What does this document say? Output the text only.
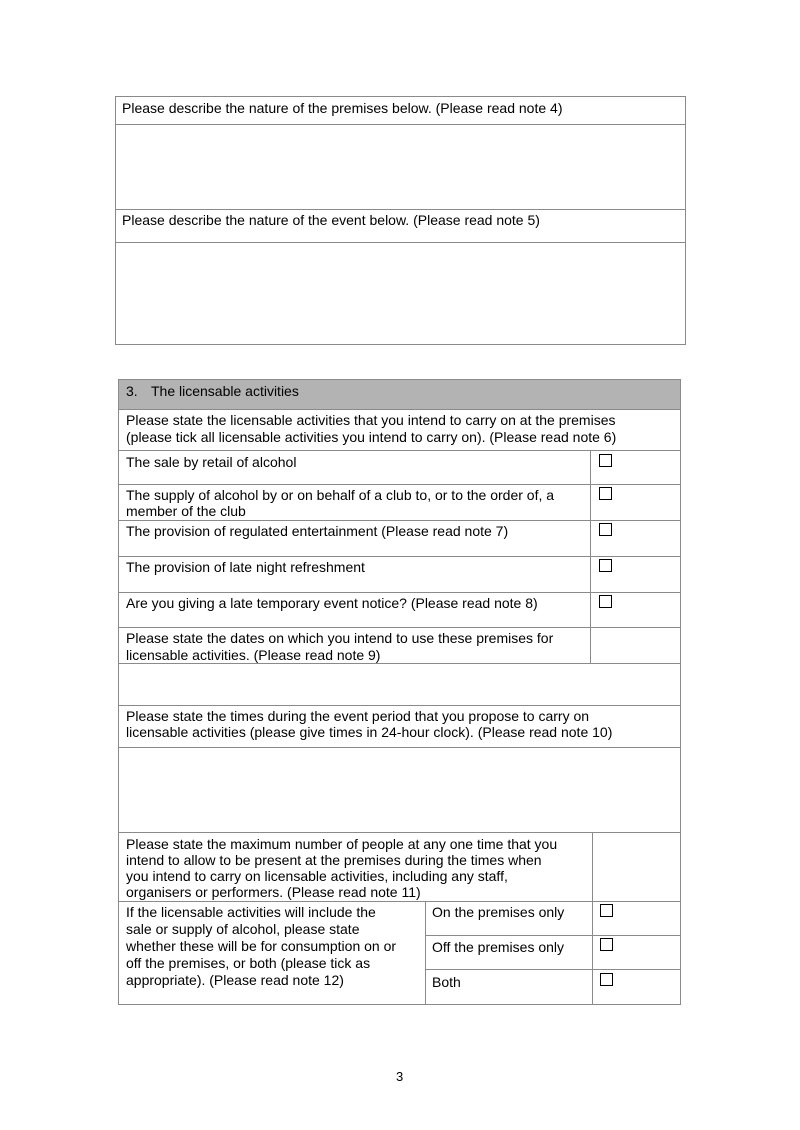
Please describe the nature of the premises below. (Please read note 4)
Please describe the nature of the event below. (Please read note 5)
3. The licensable activities
Please state the licensable activities that you intend to carry on at the premises
(please tick all licensable activities you intend to carry on). (Please read note 6)
The sale by retail of alcohol
The supply of alcohol by or on behalf of a club to, or to the order of, a
member of the club
The provision of regulated entertainment (Please read note 7)
The provision of late night refreshment
Are you giving a late temporary event notice? (Please read note 8)
Please state the dates on which you intend to use these premises for
licensable activities. (Please read note 9)
Please state the times during the event period that you propose to carry on
licensable activities (please give times in 24-hour clock). (Please read note 10)
Please state the maximum number of people at any one time that you
intend to allow to be present at the premises during the times when
you intend to carry on licensable activities, including any staff,
organisers or performers. (Please read note 11)
If the licensable activities will include the
sale or supply of alcohol, please state
whether these will be for consumption on or
off the premises, or both (please tick as
appropriate). (Please read note 12)
On the premises only
Off the premises only
Both
3
